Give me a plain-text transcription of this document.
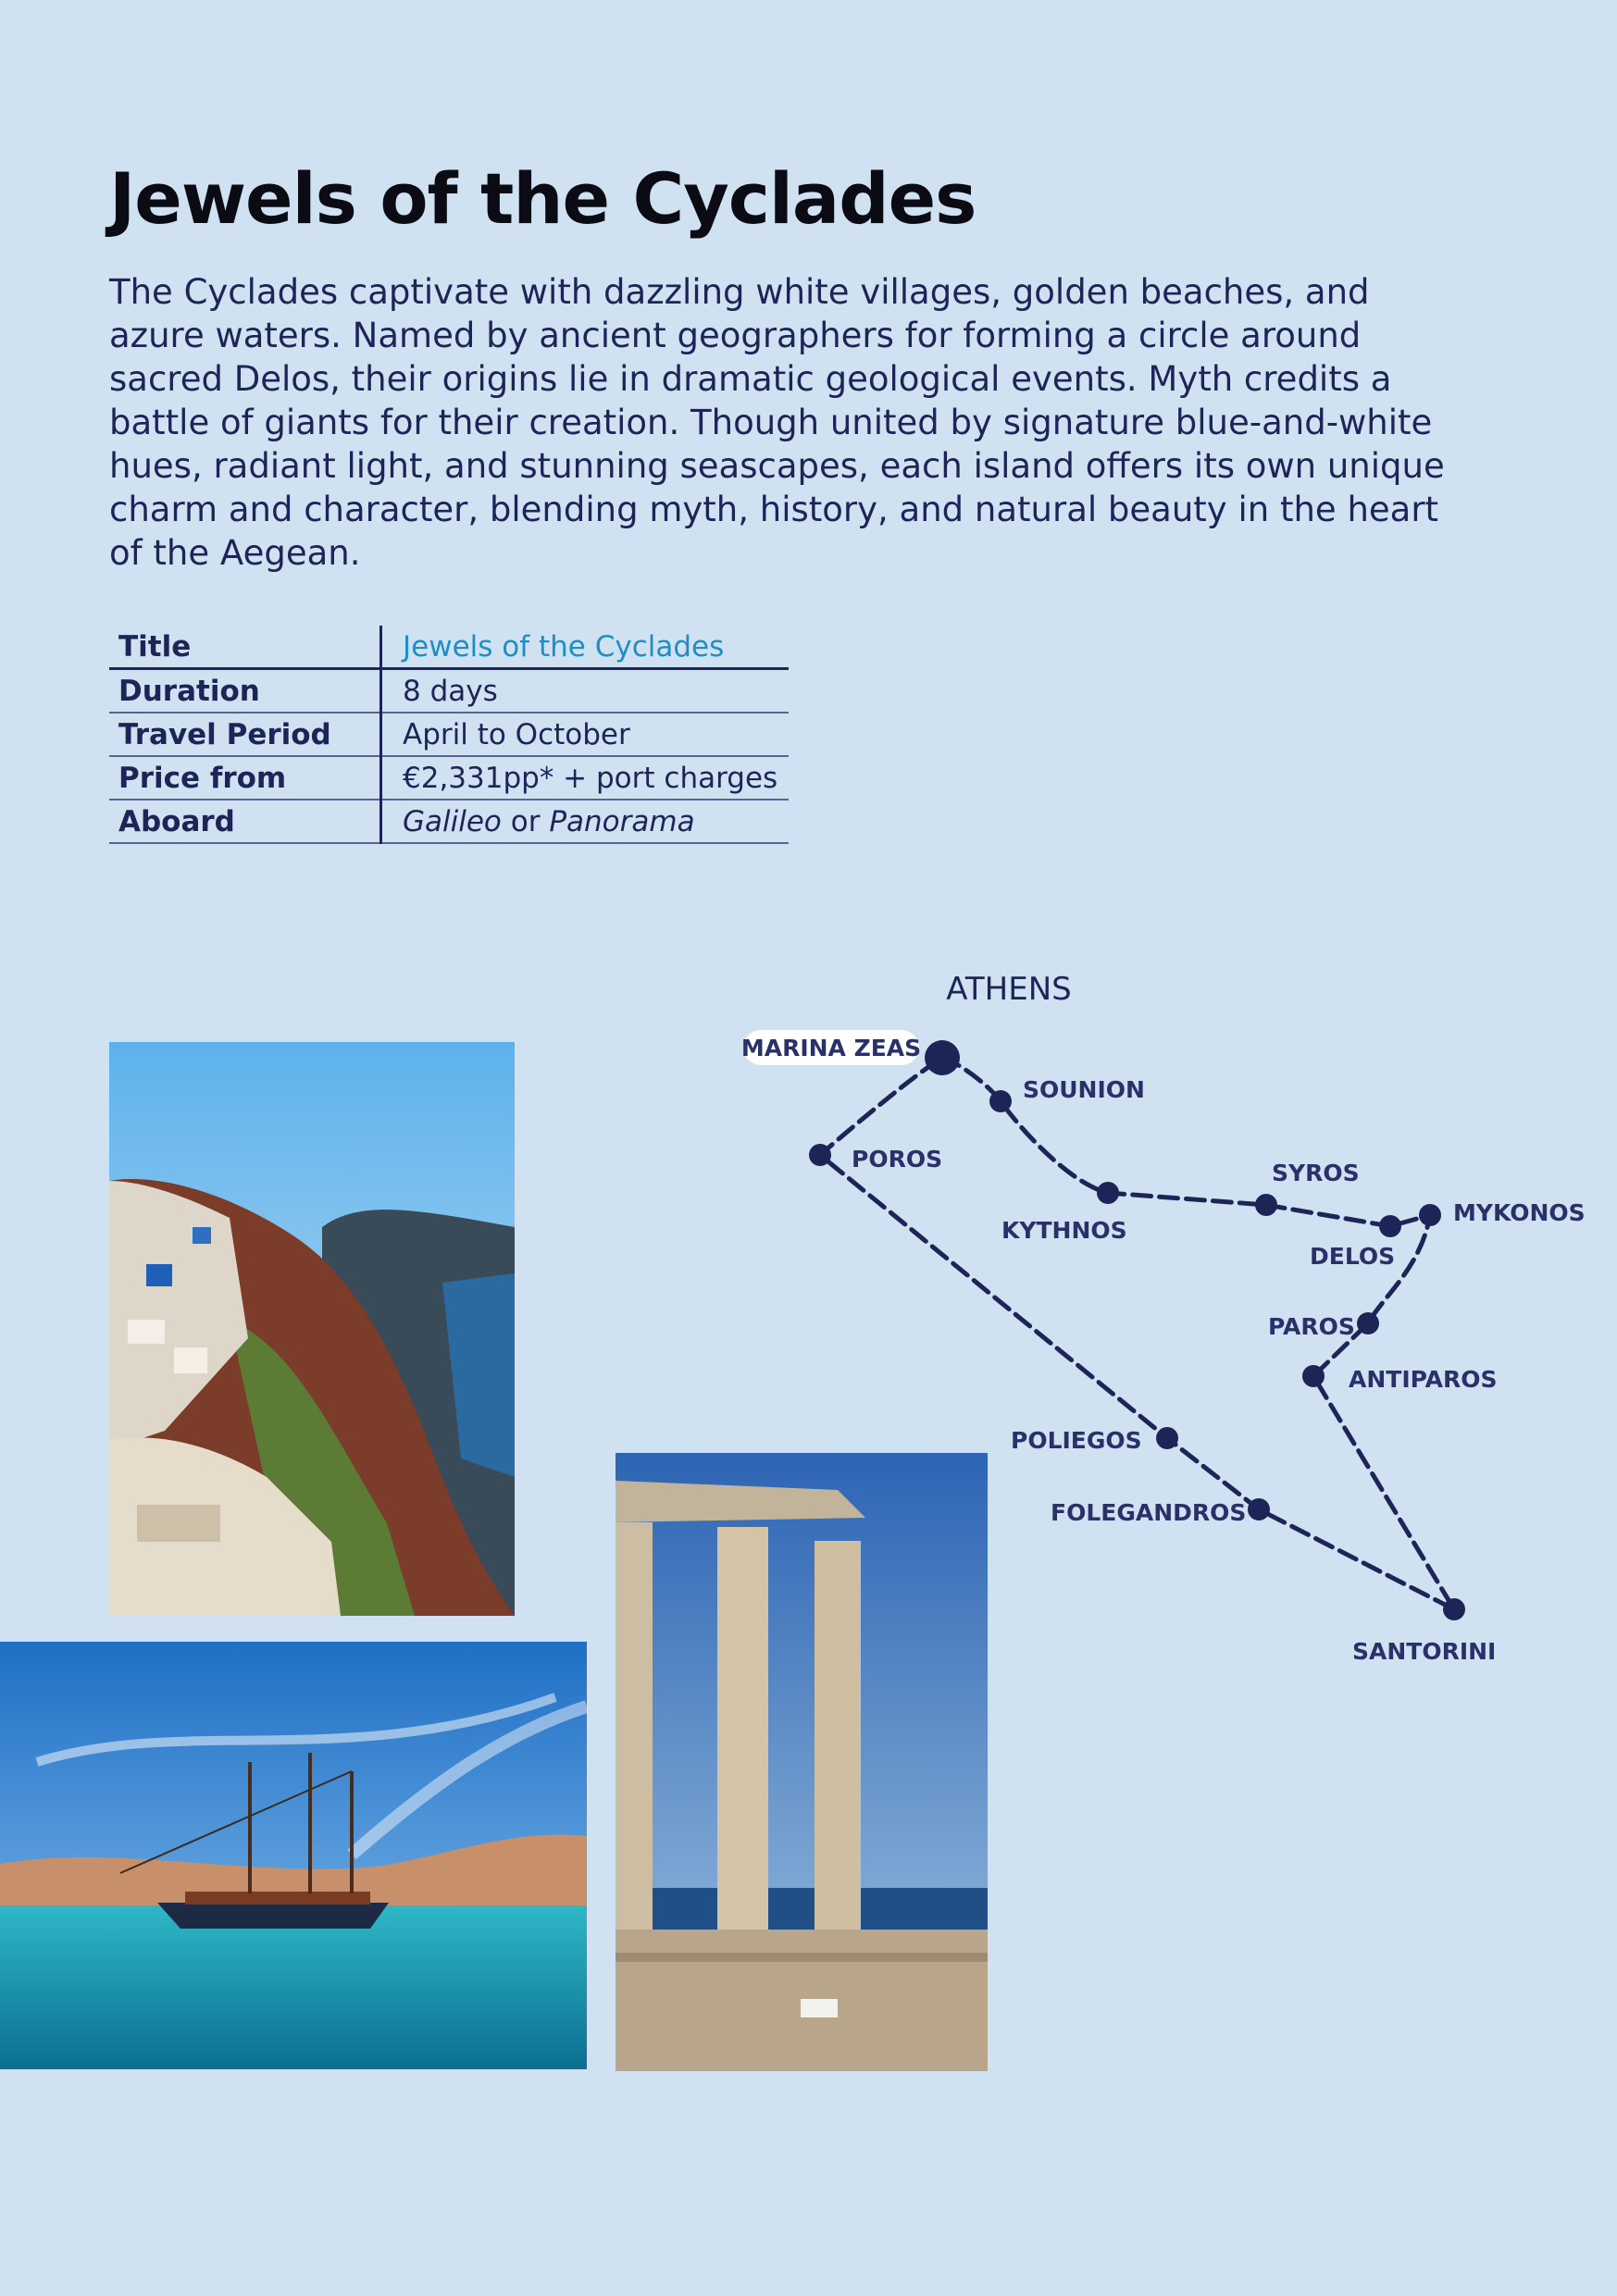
Jewels of the Cyclades

The Cyclades captivate with dazzling white villages, golden beaches, and azure waters. Named by ancient geographers for forming a circle around sacred Delos, their origins lie in dramatic geological events. Myth credits a battle of giants for their creation. Though united by signature blue-and-white hues, radiant light, and stunning seascapes, each island offers its own unique charm and character, blending myth, history, and natural beauty in the heart of the Aegean.

Title	Jewels of the Cyclades
Duration	8 days
Travel Period	April to October
Price from	€2,331pp* + port charges
Aboard	Galileo or Panorama
ATHENS
MARINA ZEAS
SOUNION
POROS
KYTHNOS
SYROS
DELOS
MYKONOS
PAROS
ANTIPAROS
POLIEGOS
FOLEGANDROS
SANTORINI
